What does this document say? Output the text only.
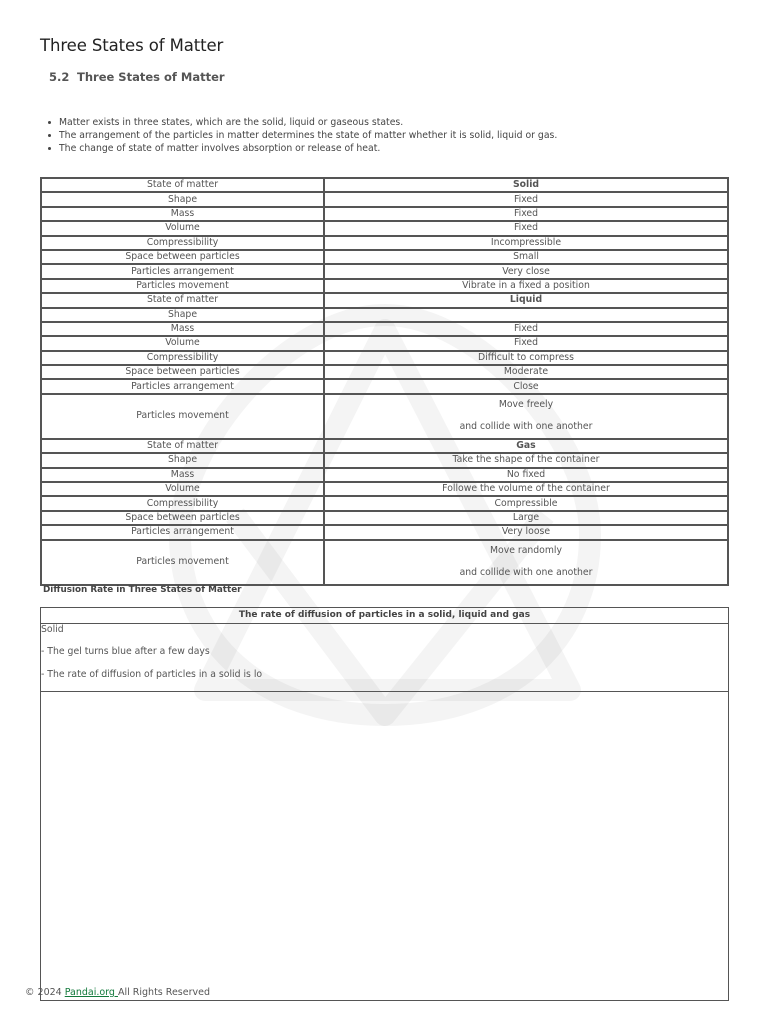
Three States of Matter
5.2 Three States of Matter
Matter exists in three states, which are the solid, liquid or gaseous states.
The arrangement of the particles in matter determines the state of matter whether it is solid, liquid or gas.
The change of state of matter involves absorption or release of heat.
State of matter	Solid
Shape	Fixed
Mass	Fixed
Volume	Fixed
Compressibility	Incompressible
Space between particles	Small
Particles arrangement	Very close
Particles movement	Vibrate in a fixed a position
State of matter	Liquid
Shape	
Mass	Fixed
Volume	Fixed
Compressibility	Difficult to compress
Space between particles	Moderate
Particles arrangement	Close
Particles movement	Move freely
and collide with one another
State of matter	Gas
Shape	Take the shape of the container
Mass	No fixed
Volume	Followe the volume of the container
Compressibility	Compressible
Space between particles	Large
Particles arrangement	Very loose
Particles movement	Move randomly
and collide with one another
Diffusion Rate in Three States of Matter
The rate of diffusion of particles in a solid, liquid and gas
Solid
- The gel turns blue after a few days
- The rate of diffusion of particles in a solid is lo
© 2024 Pandai.org All Rights Reserved
